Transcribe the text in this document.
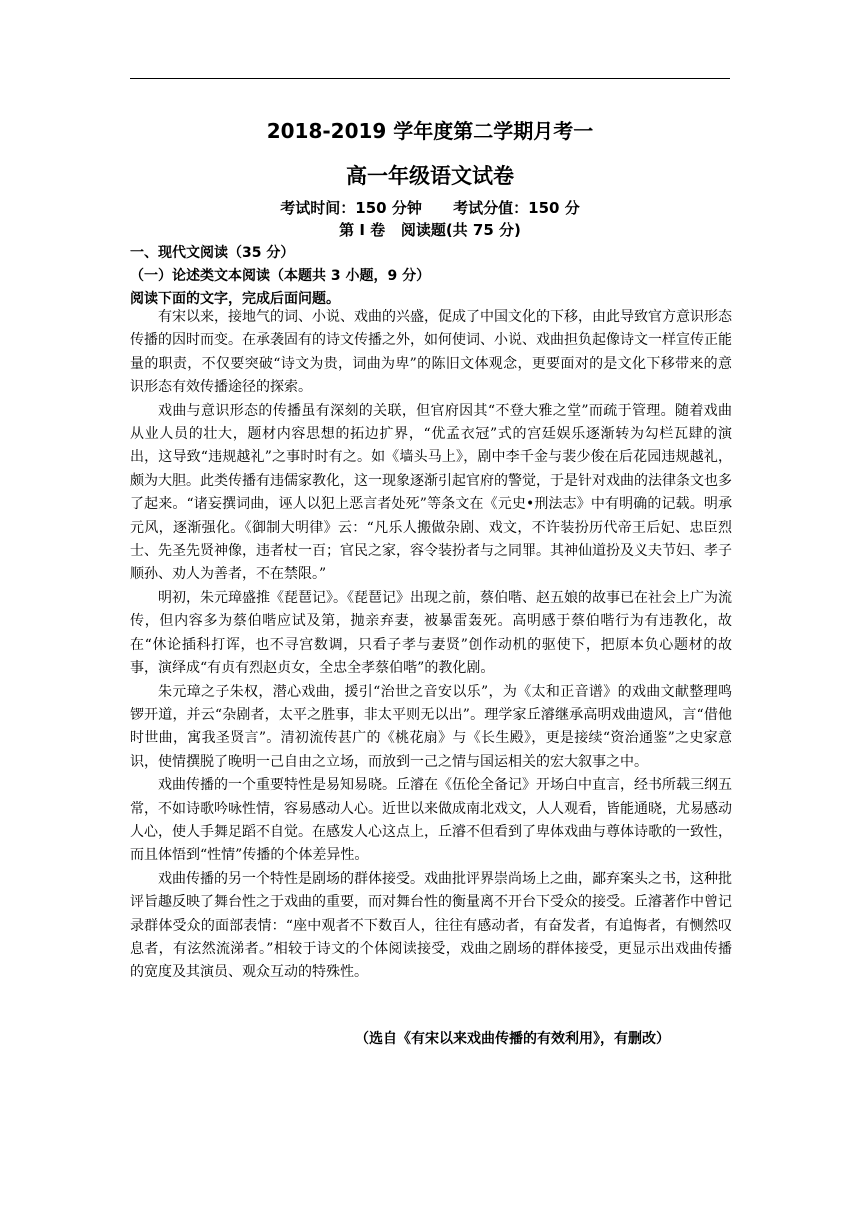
2018-2019 学年度第二学期月考一
高一年级语文试卷
考试时间：150 分钟      考试分值：150 分
第 I 卷   阅读题(共 75 分)
一、现代文阅读（35 分）
（一）论述类文本阅读（本题共 3 小题，9 分）
阅读下面的文字，完成后面问题。

有宋以来，接地气的词、小说、戏曲的兴盛，促成了中国文化的下移，由此导致官方意识形态传播的因时而变。在承袭固有的诗文传播之外，如何使词、小说、戏曲担负起像诗文一样宣传正能量的职责，不仅要突破“诗文为贵，词曲为卑”的陈旧文体观念，更要面对的是文化下移带来的意识形态有效传播途径的探索。

戏曲与意识形态的传播虽有深刻的关联，但官府因其“不登大雅之堂”而疏于管理。随着戏曲从业人员的壮大，题材内容思想的拓边扩界，“优孟衣冠”式的宫廷娱乐逐渐转为勾栏瓦肆的演出，这导致“违规越礼”之事时时有之。如《墙头马上》，剧中李千金与裴少俊在后花园违规越礼，颇为大胆。此类传播有违儒家教化，这一现象逐渐引起官府的警觉，于是针对戏曲的法律条文也多了起来。“诸妄撰词曲，诬人以犯上恶言者处死”等条文在《元史•刑法志》中有明确的记载。明承元风，逐渐强化。《御制大明律》云：“凡乐人搬做杂剧、戏文，不许装扮历代帝王后妃、忠臣烈士、先圣先贤神像，违者杖一百；官民之家，容令装扮者与之同罪。其神仙道扮及义夫节妇、孝子顺孙、劝人为善者，不在禁限。”

明初，朱元璋盛推《琵琶记》。《琵琶记》出现之前，蔡伯喈、赵五娘的故事已在社会上广为流传，但内容多为蔡伯喈应试及第，抛亲弃妻，被暴雷轰死。高明感于蔡伯喈行为有违教化，故在“休论插科打诨，也不寻宫数调，只看子孝与妻贤”创作动机的驱使下，把原本负心题材的故事，演绎成“有贞有烈赵贞女，全忠全孝蔡伯喈”的教化剧。

朱元璋之子朱权，潜心戏曲，援引“治世之音安以乐”，为《太和正音谱》的戏曲文献整理鸣锣开道，并云“杂剧者，太平之胜事，非太平则无以出”。理学家丘濬继承高明戏曲遗风，言“借他时世曲，寓我圣贤言”。清初流传甚广的《桃花扇》与《长生殿》，更是接续“资治通鉴”之史家意识，使情撰脱了晚明一己自由之立场，而放到一己之情与国运相关的宏大叙事之中。

戏曲传播的一个重要特性是易知易晓。丘濬在《伍伦全备记》开场白中直言，经书所载三纲五常，不如诗歌吟咏性情，容易感动人心。近世以来做成南北戏文，人人观看，皆能通晓，尤易感动人心，使人手舞足蹈不自觉。在感发人心这点上，丘濬不但看到了卑体戏曲与尊体诗歌的一致性，而且体悟到“性情”传播的个体差异性。

戏曲传播的另一个特性是剧场的群体接受。戏曲批评界崇尚场上之曲，鄙弃案头之书，这种批评旨趣反映了舞台性之于戏曲的重要，而对舞台性的衡量离不开台下受众的接受。丘濬著作中曾记录群体受众的面部表情：“座中观者不下数百人，往往有感动者，有奋发者，有追悔者，有恻然叹息者，有泫然流涕者。”相较于诗文的个体阅读接受，戏曲之剧场的群体接受，更显示出戏曲传播的宽度及其演员、观众互动的特殊性。

（选自《有宋以来戏曲传播的有效利用》，有删改）
